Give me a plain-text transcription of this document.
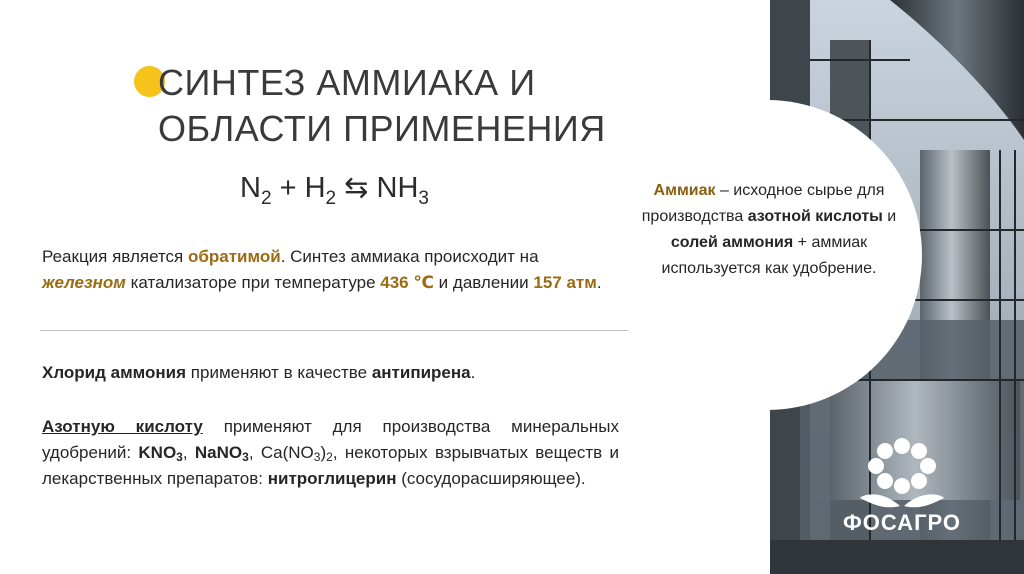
СИНТЕЗ АММИАКА И
ОБЛАСТИ ПРИМЕНЕНИЯ
$N_2 + H_2$ ⇆ $NH_3$
Реакция является обратимой. Синтез аммиака происходит на железном катализаторе при температуре 436 ℃ и давлении 157 атм.
Хлорид аммония применяют в качестве антипирена.
Азотную кислоту применяют для производства минеральных удобрений: $KNO_3$, NaNO$_3$, $Ca(NO_3)_2$, некоторых взрывчатых веществ и лекарственных препаратов: нитроглицерин (сосудорасширяющее).
Аммиак – исходное сырье для производства азотной кислоты и солей аммония + аммиак используется как удобрение.
ФОСАГРО
